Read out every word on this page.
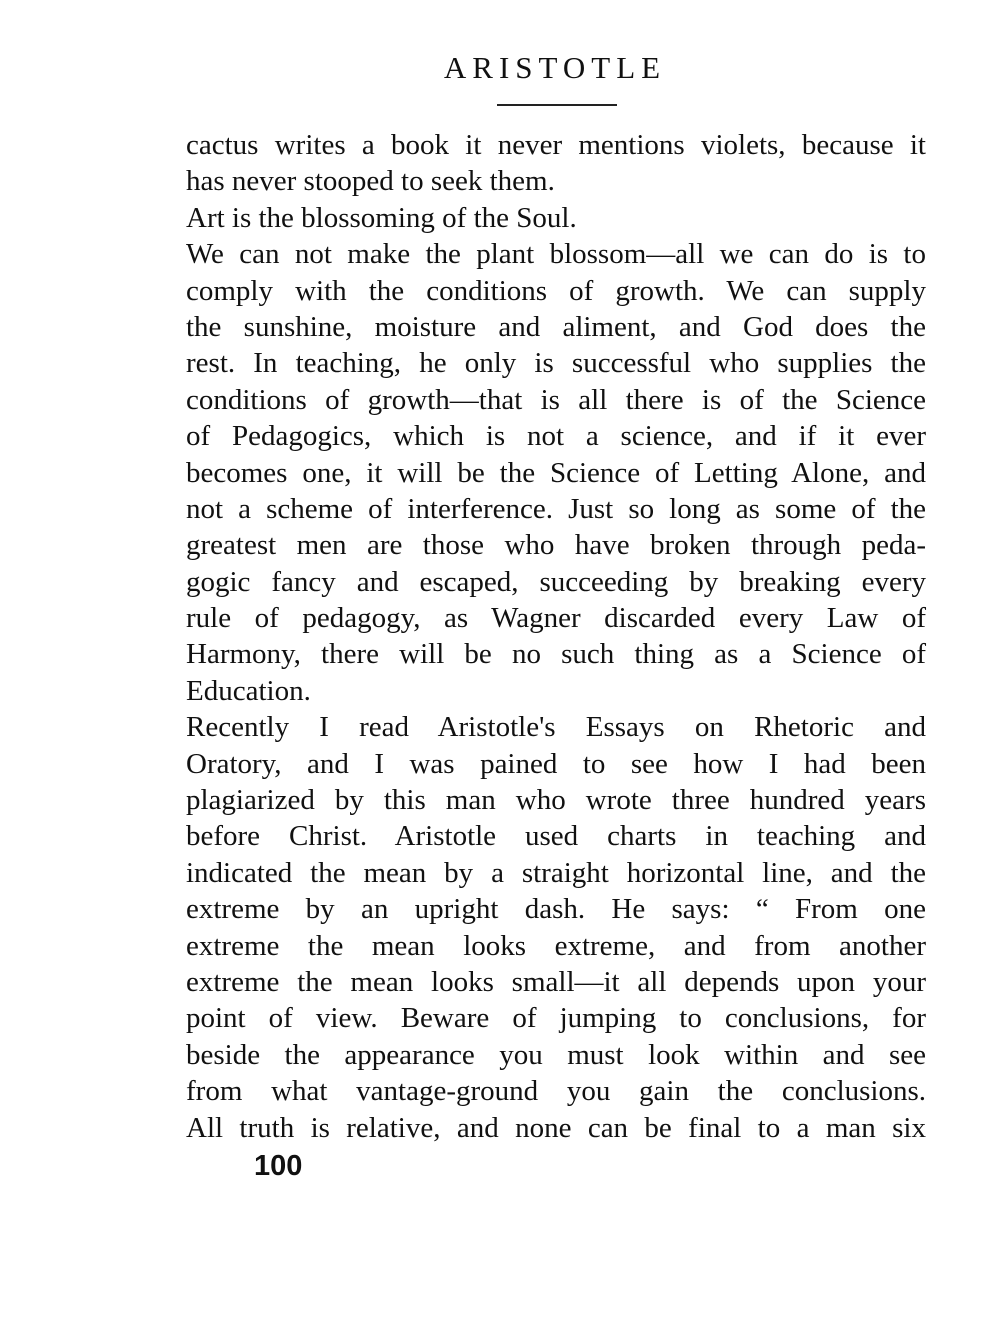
ARISTOTLE
cactus writes a book it never mentions violets, because it
has never stooped to seek them.
Art is the blossoming of the Soul.
We can not make the plant blossom—all we can do is to
comply with the conditions of growth. We can supply
the sunshine, moisture and aliment, and God does the
rest. In teaching, he only is successful who supplies the
conditions of growth—that is all there is of the Science
of Pedagogics, which is not a science, and if it ever
becomes one, it will be the Science of Letting Alone, and
not a scheme of interference. Just so long as some of the
greatest men are those who have broken through peda-
gogic fancy and escaped, succeeding by breaking every
rule of pedagogy, as Wagner discarded every Law of
Harmony, there will be no such thing as a Science of
Education.
Recently I read Aristotle's Essays on Rhetoric and
Oratory, and I was pained to see how I had been
plagiarized by this man who wrote three hundred years
before Christ. Aristotle used charts in teaching and
indicated the mean by a straight horizontal line, and the
extreme by an upright dash. He says: “ From one
extreme the mean looks extreme, and from another
extreme the mean looks small—it all depends upon your
point of view. Beware of jumping to conclusions, for
beside the appearance you must look within and see
from what vantage-ground you gain the conclusions.
All truth is relative, and none can be final to a man six
100
